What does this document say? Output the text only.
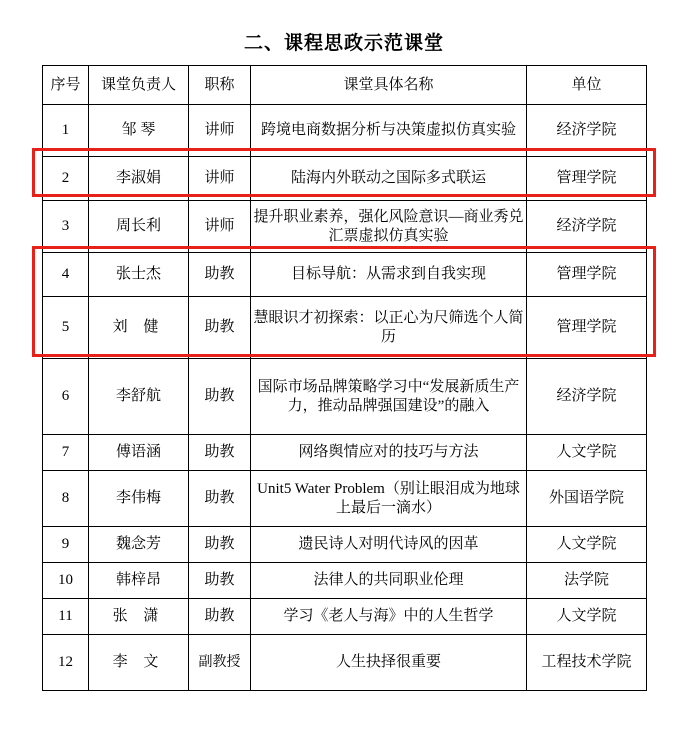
二、课程思政示范课堂
序号	课堂负责人	职称	课堂具体名称	单位
1	邹 琴	讲师	跨境电商数据分析与决策虚拟仿真实验	经济学院
2	李淑娟	讲师	陆海内外联动之国际多式联运	管理学院
3	周长利	讲师	提升职业素养，强化风险意识—商业秀兑汇票虚拟仿真实验	经济学院
4	张士杰	助教	目标导航：从需求到自我实现	管理学院
5	刘 健	助教	慧眼识才初探索：以正心为尺筛选个人简历	管理学院
6	李舒航	助教	国际市场品牌策略学习中“发展新质生产力，推动品牌强国建设”的融入	经济学院
7	傅语涵	助教	网络舆情应对的技巧与方法	人文学院
8	李伟梅	助教	Unit5 Water Problem（别让眼泪成为地球上最后一滴水）	外国语学院
9	魏念芳	助教	遗民诗人对明代诗风的因革	人文学院
10	韩梓昂	助教	法律人的共同职业伦理	法学院
11	张 潇	助教	学习《老人与海》中的人生哲学	人文学院
12	李 文	副教授	人生抉择很重要	工程技术学院
